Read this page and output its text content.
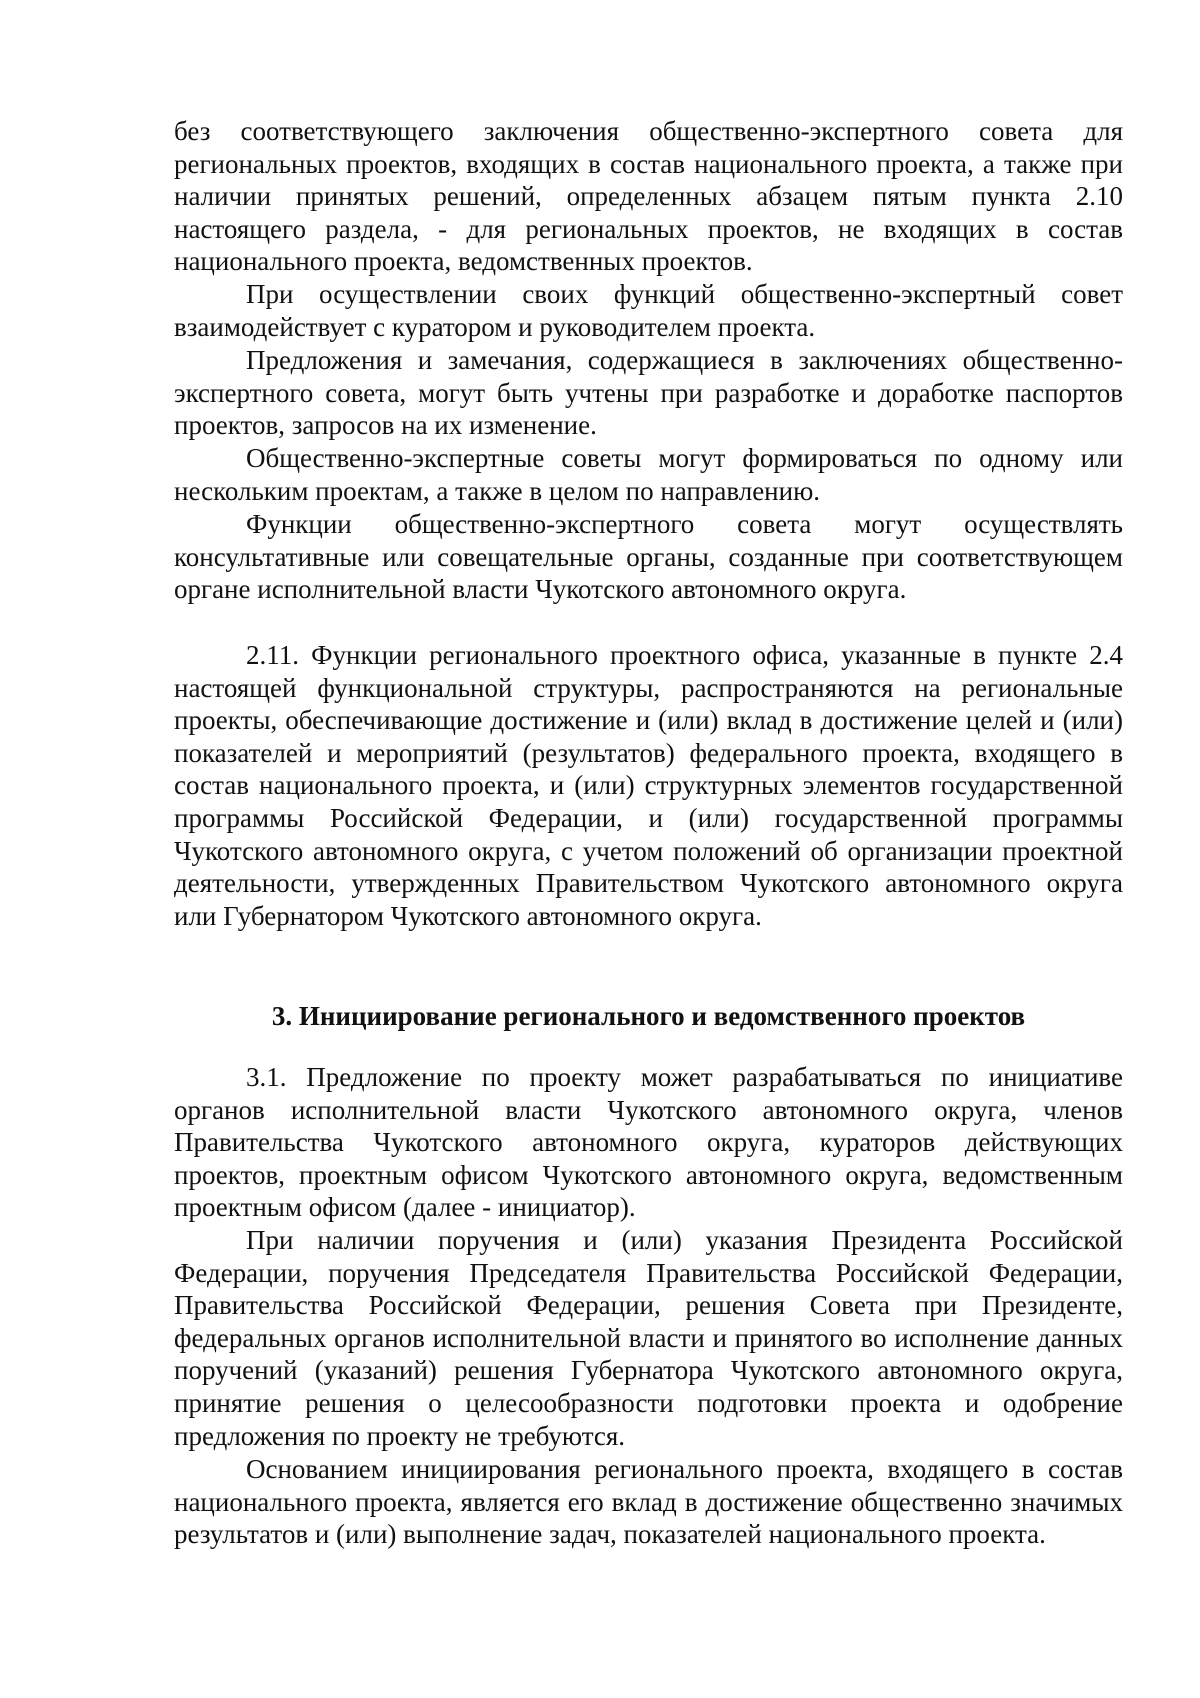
без соответствующего заключения общественно-экспертного совета для региональных проектов, входящих в состав национального проекта, а также при наличии принятых решений, определенных абзацем пятым пункта 2.10 настоящего раздела, - для региональных проектов, не входящих в состав национального проекта, ведомственных проектов.

При осуществлении своих функций общественно-экспертный совет взаимодействует с куратором и руководителем проекта.

Предложения и замечания, содержащиеся в заключениях общественно-экспертного совета, могут быть учтены при разработке и доработке паспортов проектов, запросов на их изменение.

Общественно-экспертные советы могут формироваться по одному или нескольким проектам, а также в целом по направлению.

Функции общественно-экспертного совета могут осуществлять консультативные или совещательные органы, созданные при соответствующем органе исполнительной власти Чукотского автономного округа.

2.11. Функции регионального проектного офиса, указанные в пункте 2.4 настоящей функциональной структуры, распространяются на региональные проекты, обеспечивающие достижение и (или) вклад в достижение целей и (или) показателей и мероприятий (результатов) федерального проекта, входящего в состав национального проекта, и (или) структурных элементов государственной программы Российской Федерации, и (или) государственной программы Чукотского автономного округа, с учетом положений об организации проектной деятельности, утвержденных Правительством Чукотского автономного округа или Губернатором Чукотского автономного округа.

3. Инициирование регионального и ведомственного проектов

3.1. Предложение по проекту может разрабатываться по инициативе органов исполнительной власти Чукотского автономного округа, членов Правительства Чукотского автономного округа, кураторов действующих проектов, проектным офисом Чукотского автономного округа, ведомственным проектным офисом (далее - инициатор).

При наличии поручения и (или) указания Президента Российской Федерации, поручения Председателя Правительства Российской Федерации, Правительства Российской Федерации, решения Совета при Президенте, федеральных органов исполнительной власти и принятого во исполнение данных поручений (указаний) решения Губернатора Чукотского автономного округа, принятие решения о целесообразности подготовки проекта и одобрение предложения по проекту не требуются.

Основанием инициирования регионального проекта, входящего в состав национального проекта, является его вклад в достижение общественно значимых результатов и (или) выполнение задач, показателей национального проекта.
